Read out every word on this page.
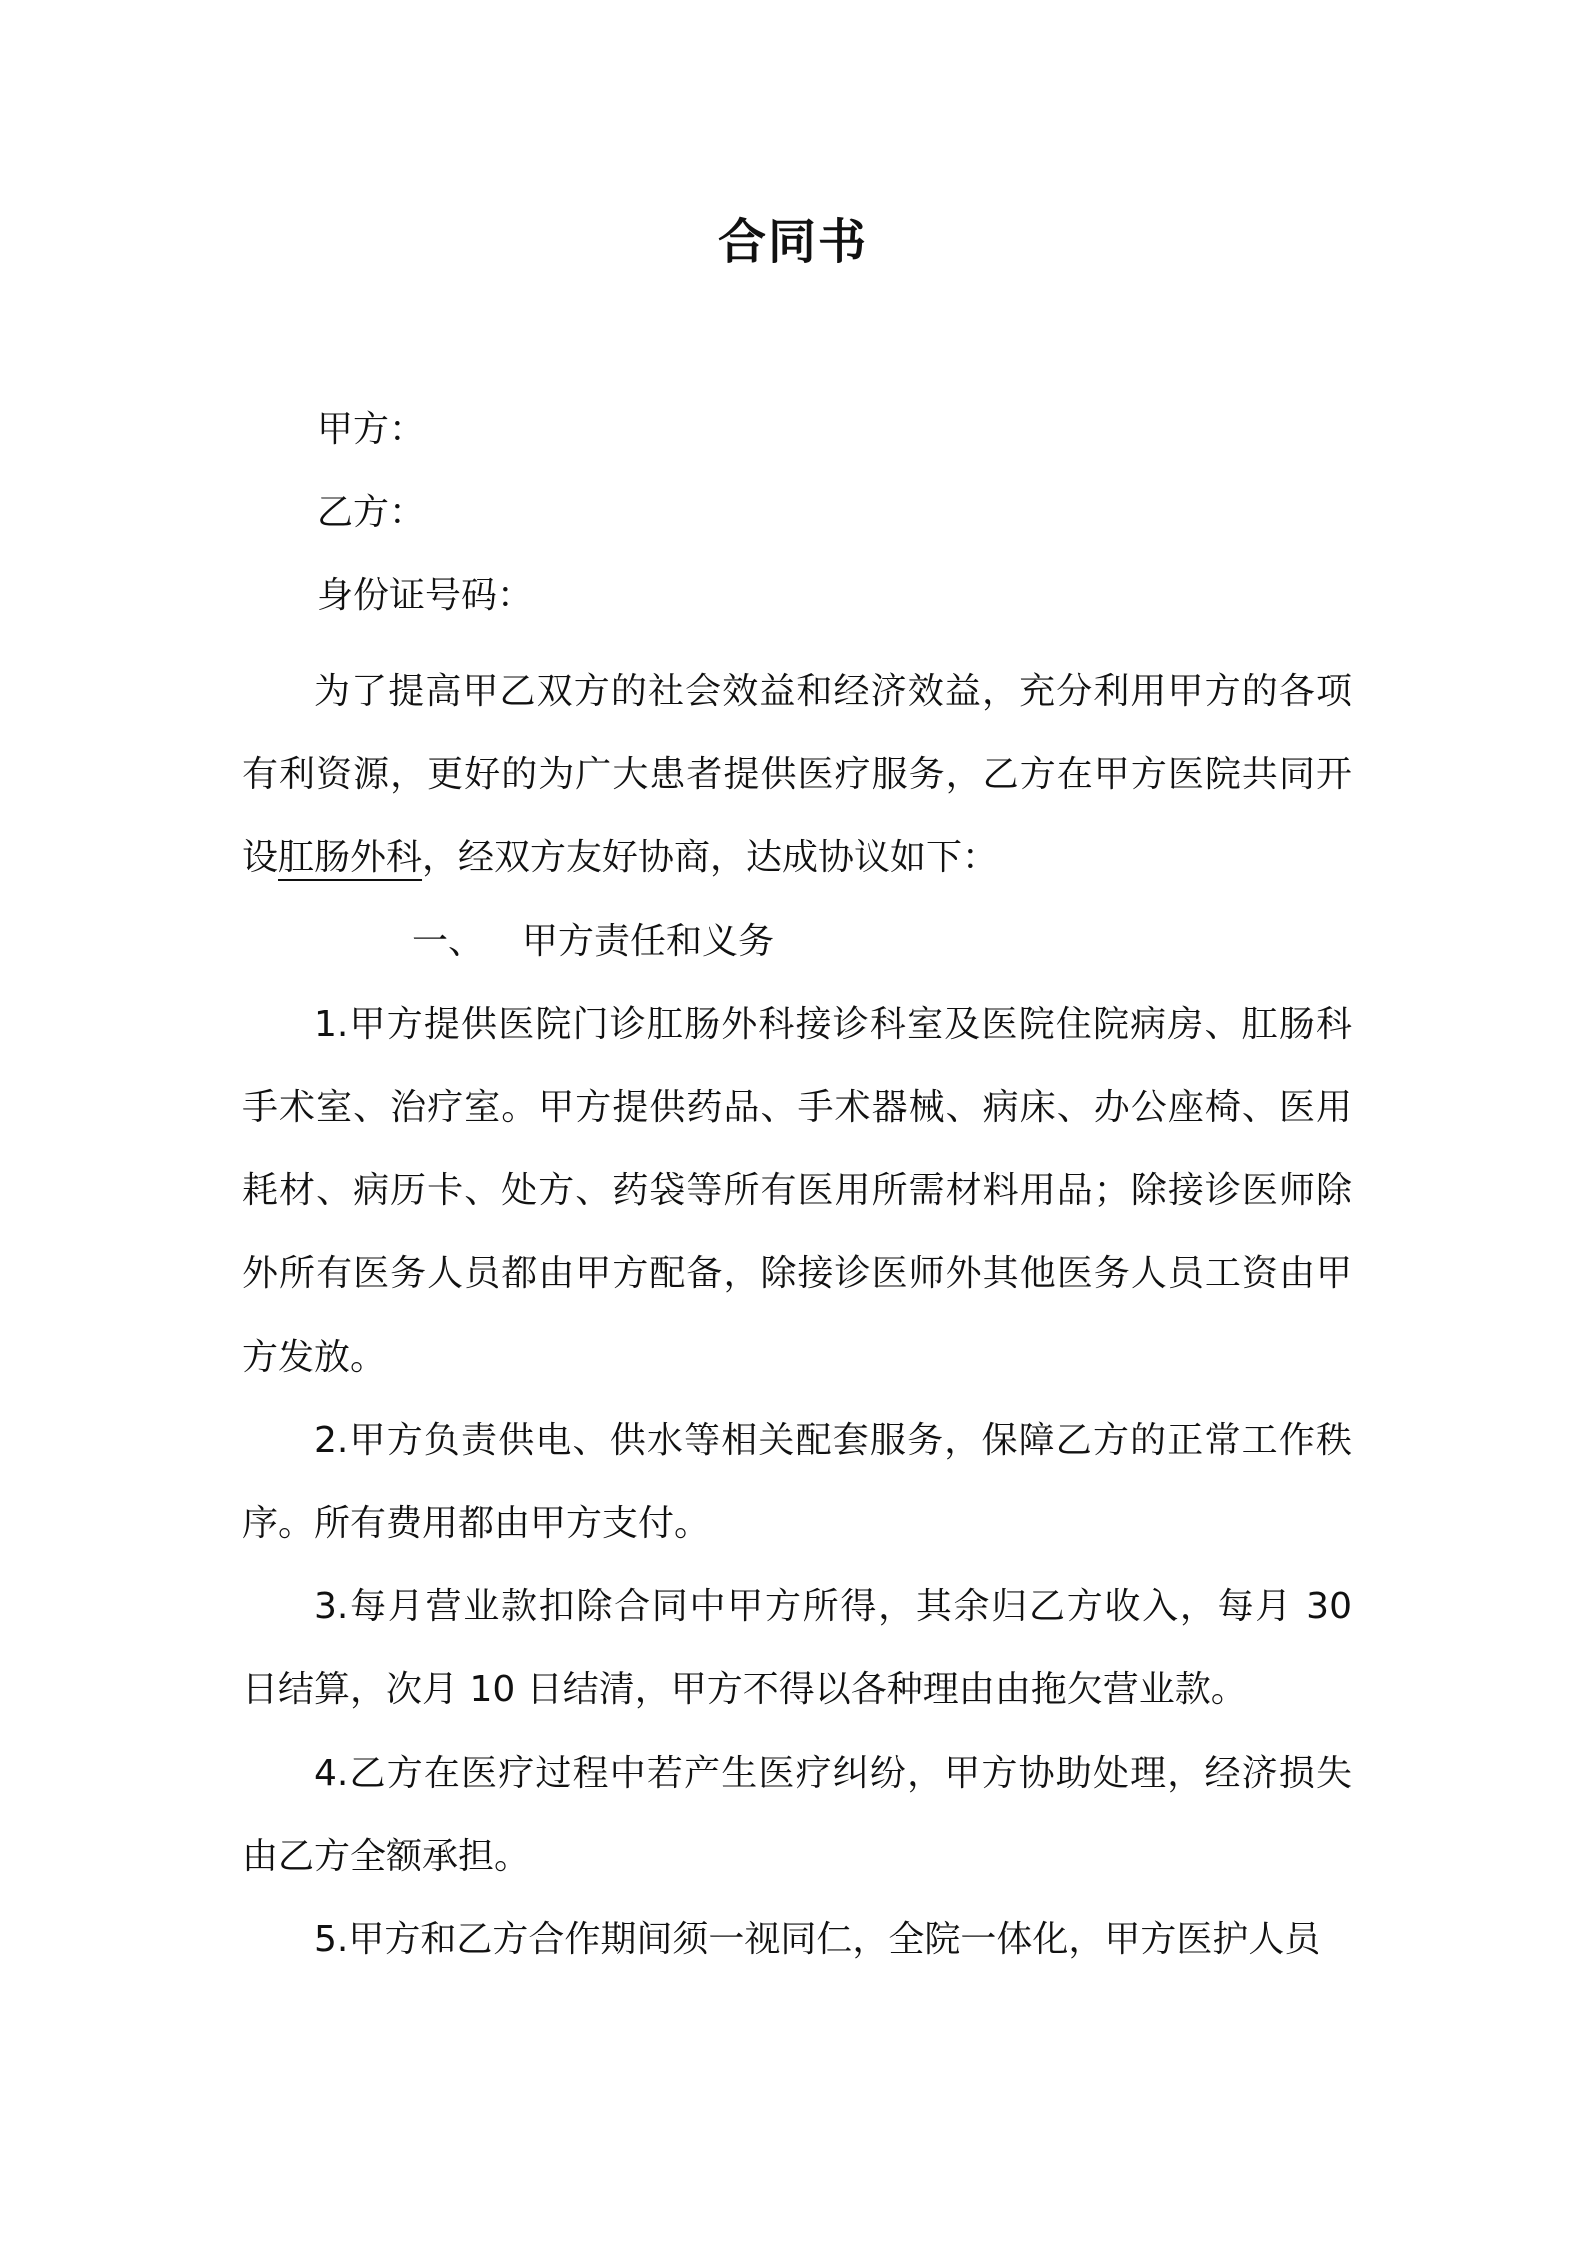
合同书
甲方：
乙方：
身份证号码：

为了提高甲乙双方的社会效益和经济效益，充分利用甲方的各项有利资源，更好的为广大患者提供医疗服务，乙方在甲方医院共同开设肛肠外科，经双方友好协商，达成协议如下：

一、 甲方责任和义务

1.甲方提供医院门诊肛肠外科接诊科室及医院住院病房、肛肠科手术室、治疗室。甲方提供药品、手术器械、病床、办公座椅、医用耗材、病历卡、处方、药袋等所有医用所需材料用品；除接诊医师除外所有医务人员都由甲方配备，除接诊医师外其他医务人员工资由甲方发放。

2.甲方负责供电、供水等相关配套服务，保障乙方的正常工作秩序。所有费用都由甲方支付。

3.每月营业款扣除合同中甲方所得，其余归乙方收入，每月 30 日结算，次月 10 日结清，甲方不得以各种理由由拖欠营业款。

4.乙方在医疗过程中若产生医疗纠纷，甲方协助处理，经济损失由乙方全额承担。

5.甲方和乙方合作期间须一视同仁，全院一体化，甲方医护人员
